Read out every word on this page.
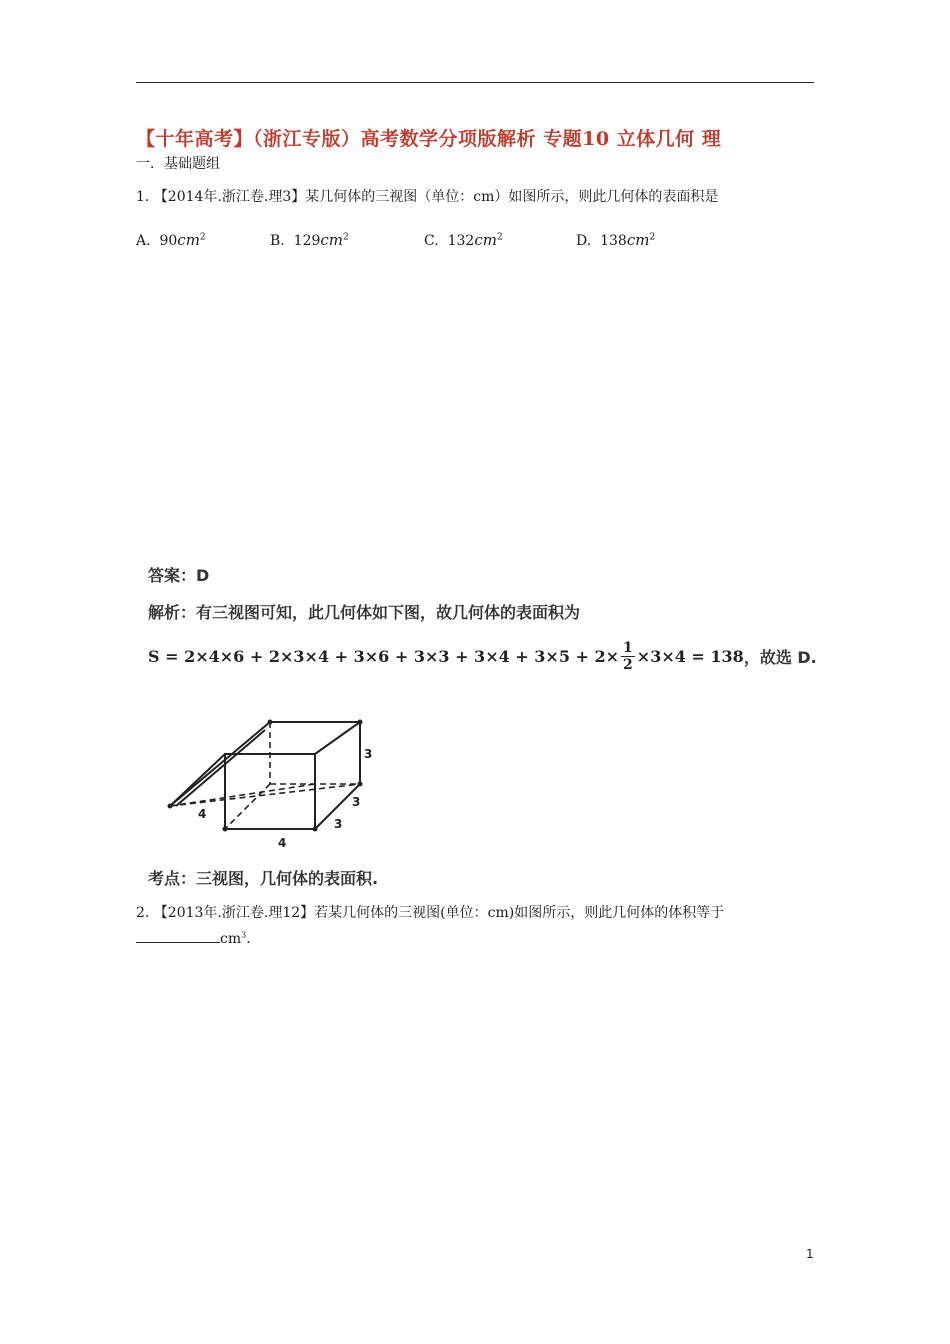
【十年高考】（浙江专版）高考数学分项版解析 专题10 立体几何 理
一．基础题组
1. 【2014年.浙江卷.理3】某几何体的三视图（单位：cm）如图所示，则此几何体的表面积是
A. $90cm^2$	B. $129cm^2$	C. $132cm^2$	D. $138cm^2$
答案：D
解析：有三视图可知，此几何体如下图，故几何体的表面积为
$S = 2\times 4\times 6 + 2\times 3\times 4 + 3\times 6 + 3\times 3 + 3\times 4 + 3\times 5 + 2\times \frac{1}{2} \times 3\times 4 = 138$ ，故选 D.
3
3
3
4
4
考点：三视图，几何体的表面积.
2. 【2013年.浙江卷.理12】若某几何体的三视图(单位：cm)如图所示，则此几何体的体积等于
$cm^3$.
1
